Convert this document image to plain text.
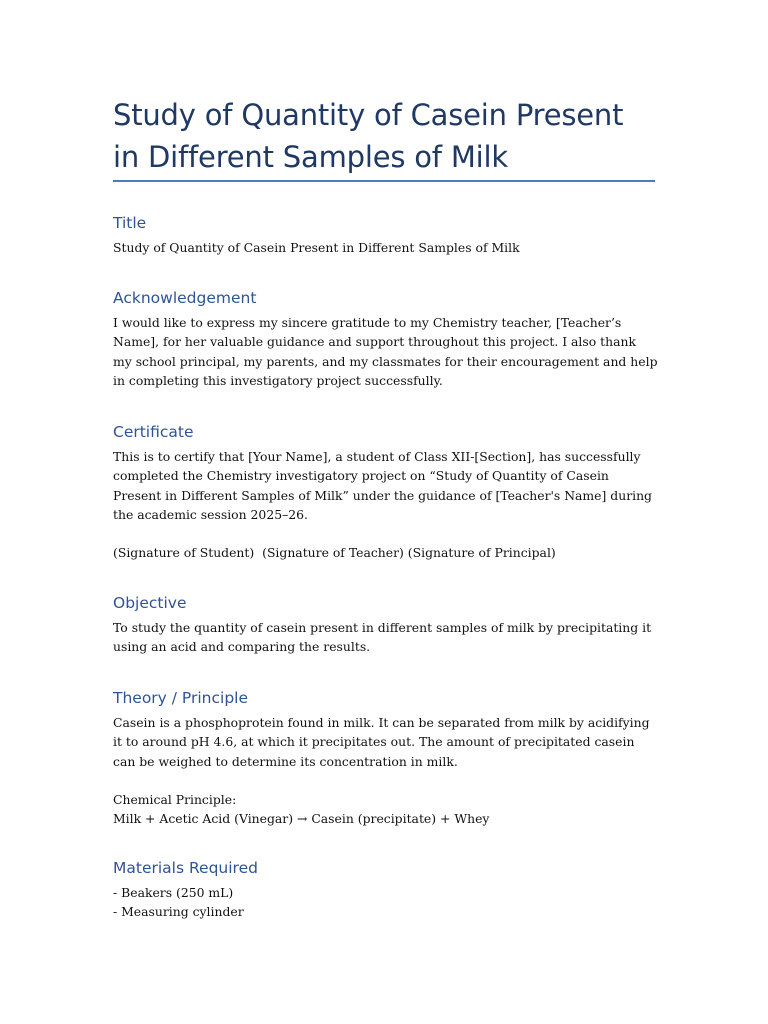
Study of Quantity of Casein Present in Different Samples of Milk
Title

Study of Quantity of Casein Present in Different Samples of Milk

Acknowledgement

I would like to express my sincere gratitude to my Chemistry teacher, [Teacher’s Name], for her valuable guidance and support throughout this project. I also thank my school principal, my parents, and my classmates for their encouragement and help in completing this investigatory project successfully.

Certificate

This is to certify that [Your Name], a student of Class XII-[Section], has successfully completed the Chemistry investigatory project on “Study of Quantity of Casein Present in Different Samples of Milk” under the guidance of [Teacher's Name] during the academic session 2025–26.

(Signature of Student)  (Signature of Teacher) (Signature of Principal)

Objective

To study the quantity of casein present in different samples of milk by precipitating it using an acid and comparing the results.

Theory / Principle

Casein is a phosphoprotein found in milk. It can be separated from milk by acidifying it to around pH 4.6, at which it precipitates out. The amount of precipitated casein can be weighed to determine its concentration in milk.

Chemical Principle:

Milk + Acetic Acid (Vinegar) → Casein (precipitate) + Whey

Materials Required

- Beakers (250 mL)

- Measuring cylinder
